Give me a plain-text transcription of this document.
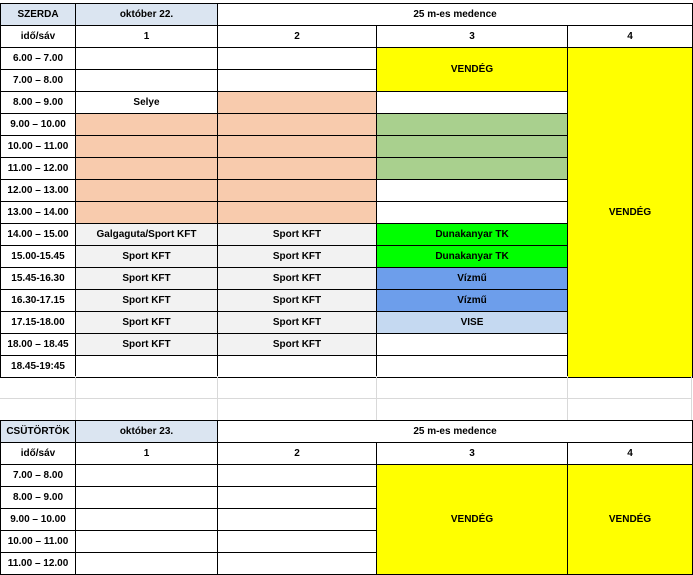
SZERDA	október 22.	25 m-es medence		
idő/sáv	1	2	3	4
6.00 – 7.00			VENDÉG	VENDÉG
7.00 – 8.00				
8.00 – 9.00	Selye			
9.00 – 10.00				
10.00 – 11.00				
11.00 – 12.00				
12.00 – 13.00				
13.00 – 14.00				
14.00 – 15.00	Galgaguta/Sport KFT	Sport KFT	Dunakanyar TK	
15.00-15.45	Sport KFT	Sport KFT	Dunakanyar TK	
15.45-16.30	Sport KFT	Sport KFT	Vízmű	
16.30-17.15	Sport KFT	Sport KFT	Vízmű	
17.15-18.00	Sport KFT	Sport KFT	VISE	
18.00 – 18.45	Sport KFT	Sport KFT		
18.45-19:45				
CSÜTÖRTÖK	október 23.	25 m-es medence		
idő/sáv	1	2	3	4
7.00 – 8.00			VENDÉG	VENDÉG
8.00 – 9.00				
9.00 – 10.00				
10.00 – 11.00				
11.00 – 12.00				
